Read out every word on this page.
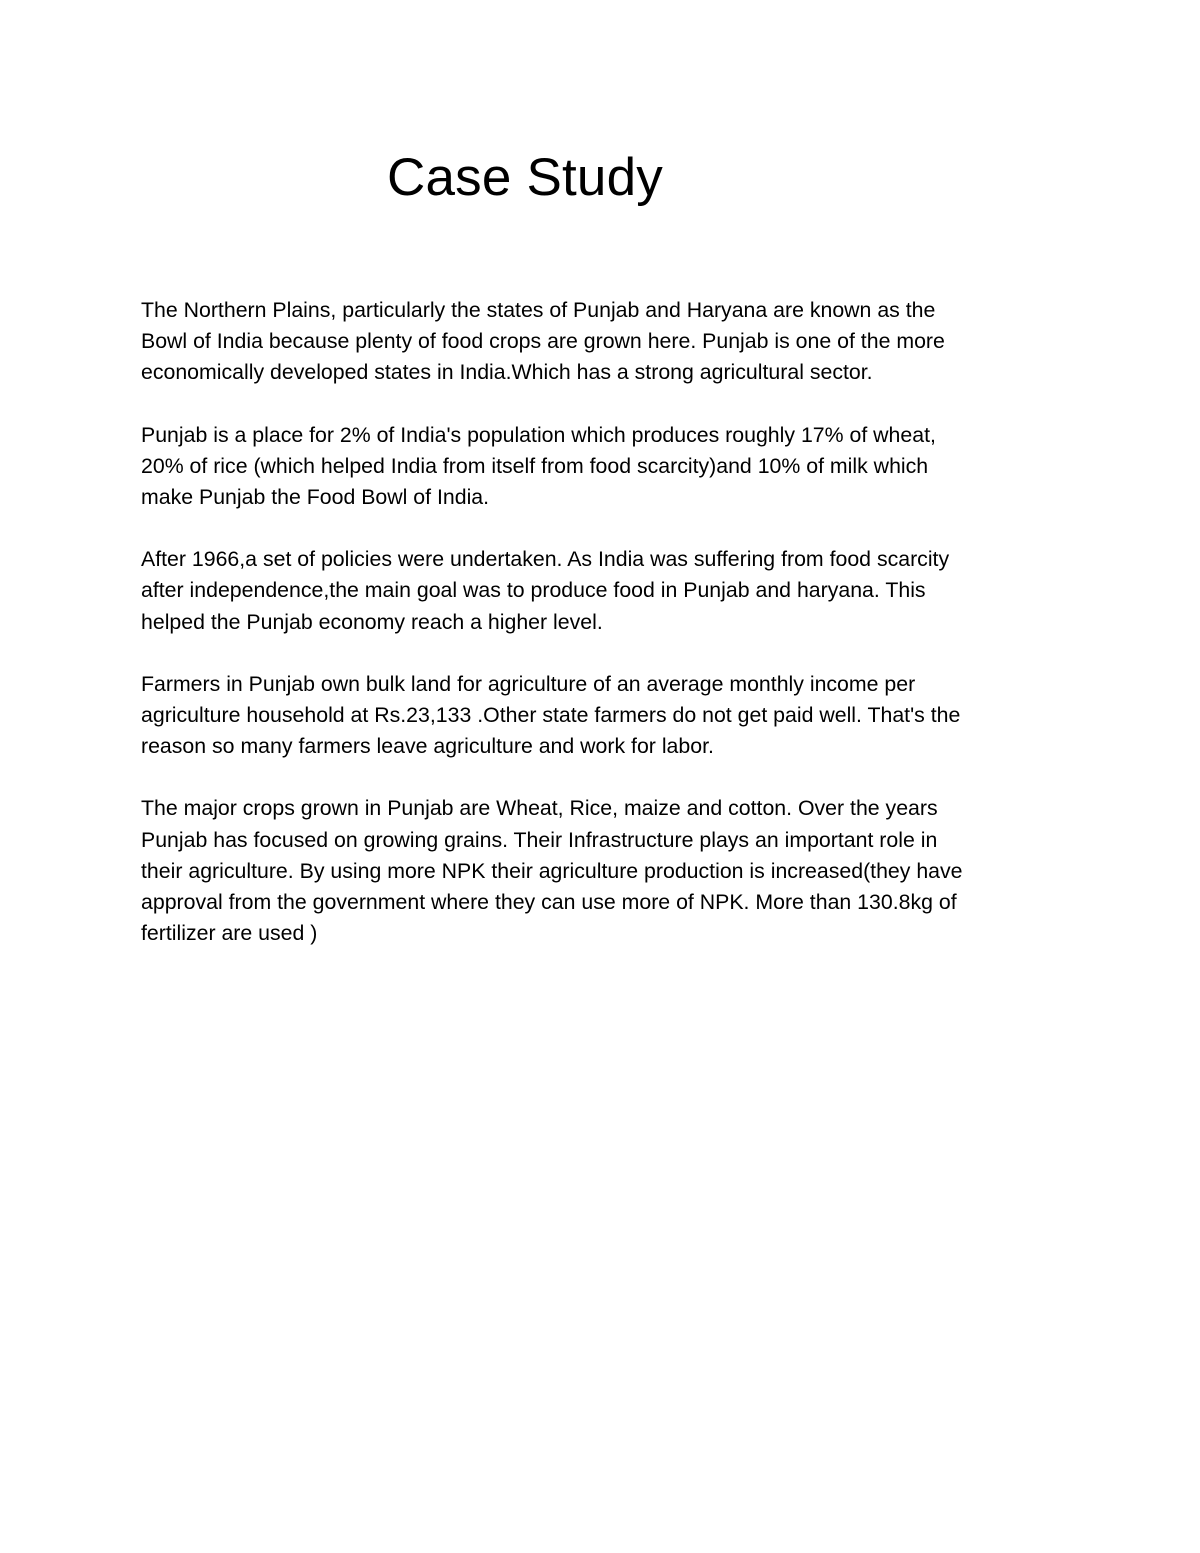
Case Study

The Northern Plains, particularly the states of Punjab and Haryana are known as the
Bowl of India because plenty of food crops are grown here. Punjab is one of the more
economically developed states in India.Which has a strong agricultural sector.

Punjab is a place for 2% of India's population which produces roughly 17% of wheat,
20% of rice (which helped India from itself from food scarcity)and 10% of milk which
make Punjab the Food Bowl of India.

After 1966,a set of policies were undertaken. As India was suffering from food scarcity
after independence,the main goal was to produce food in Punjab and haryana. This
helped the Punjab economy reach a higher level.

Farmers in Punjab own bulk land for agriculture of an average monthly income per
agriculture household at Rs.23,133 .Other state farmers do not get paid well. That's the
reason so many farmers leave agriculture and work for labor.

The major crops grown in Punjab are Wheat, Rice, maize and cotton. Over the years
Punjab has focused on growing grains. Their Infrastructure plays an important role in
their agriculture. By using more NPK their agriculture production is increased(they have
approval from the government where they can use more of NPK. More than 130.8kg of
fertilizer are used )
